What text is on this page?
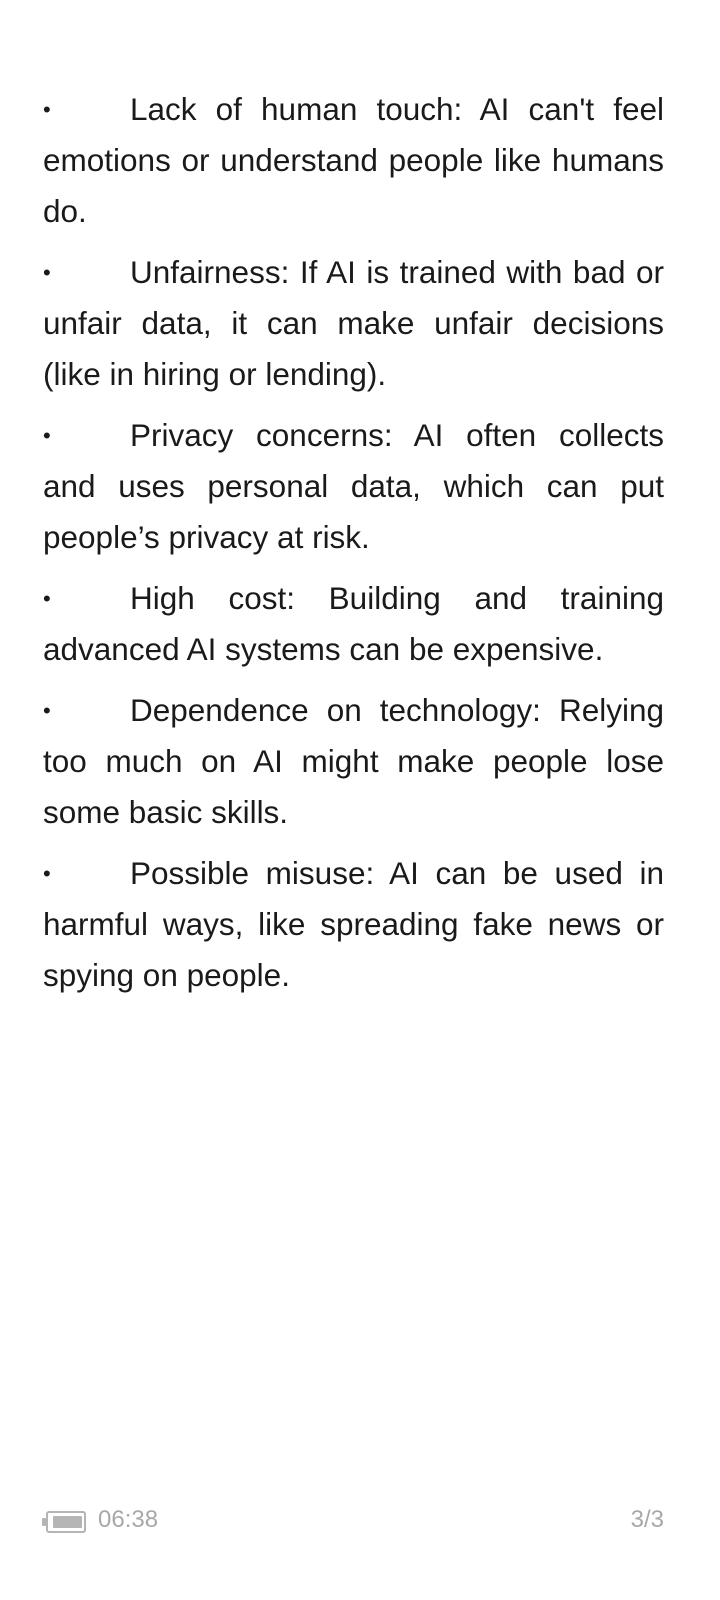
•	Lack of human touch: AI can't feel emotions or understand people like humans do.
•	Unfairness: If AI is trained with bad or unfair data, it can make unfair decisions (like in hiring or lending).
•	Privacy concerns: AI often collects and uses personal data, which can put people’s privacy at risk.
•	High cost: Building and training advanced AI systems can be expensive.
•	Dependence on technology: Relying too much on AI might make people lose some basic skills.
•	Possible misuse: AI can be used in harmful ways, like spreading fake news or spying on people.
06:38	3/3
